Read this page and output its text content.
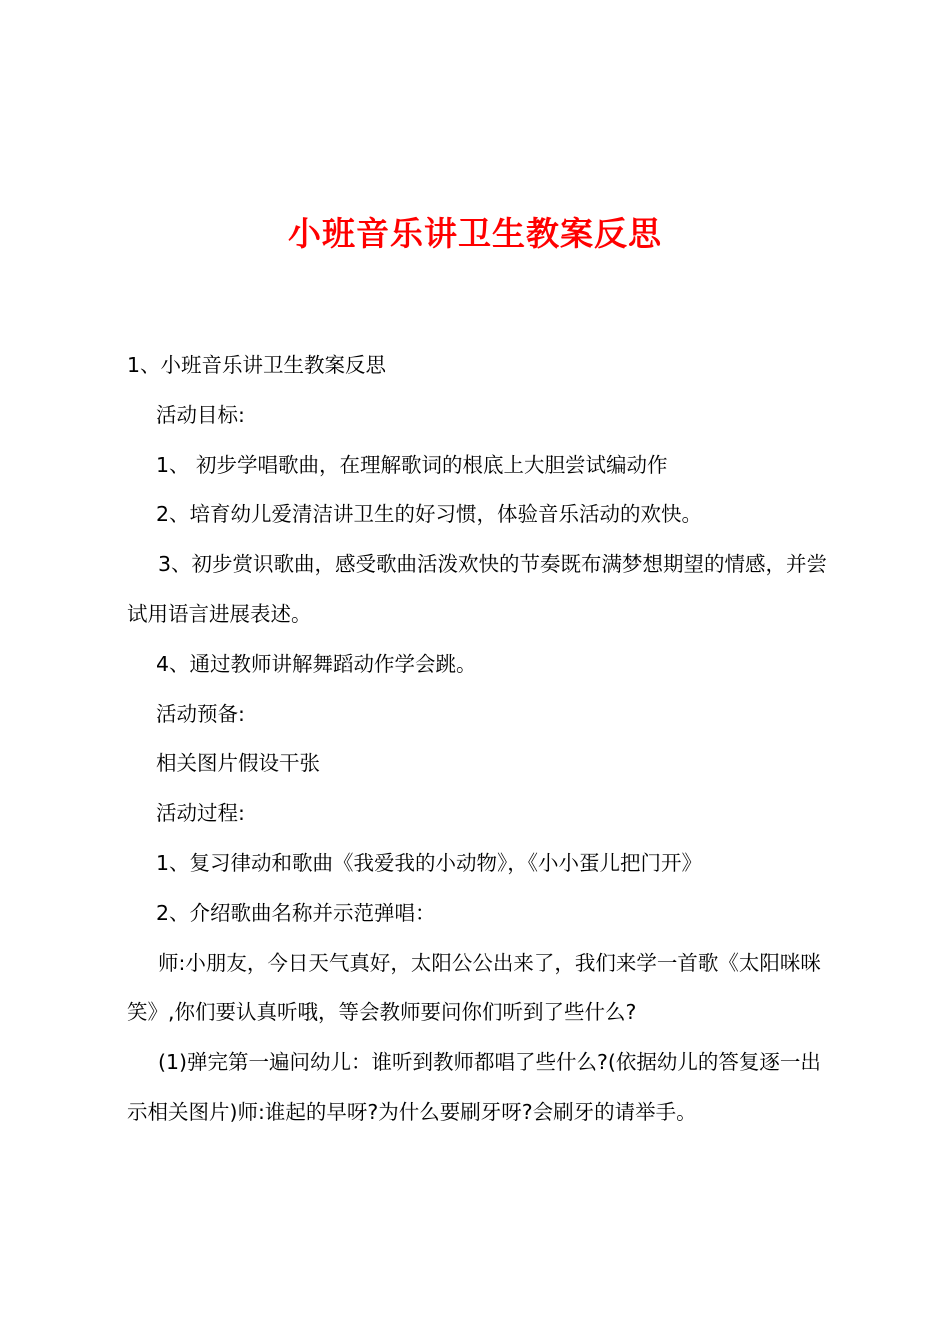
小班音乐讲卫生教案反思

1、小班音乐讲卫生教案反思

活动目标:

1、 初步学唱歌曲，在理解歌词的根底上大胆尝试编动作

2、培育幼儿爱清洁讲卫生的好习惯，体验音乐活动的欢快。

3、初步赏识歌曲，感受歌曲活泼欢快的节奏既布满梦想期望的情感，并尝试用语言进展表述。

4、通过教师讲解舞蹈动作学会跳。

活动预备:

相关图片假设干张

活动过程:

1、复习律动和歌曲《我爱我的小动物》，《小小蛋儿把门开》

2、介绍歌曲名称并示范弹唱：

师:小朋友，今日天气真好，太阳公公出来了，我们来学一首歌《太阳咪咪笑》,你们要认真听哦，等会教师要问你们听到了些什么?

(1)弹完第一遍问幼儿：谁听到教师都唱了些什么?(依据幼儿的答复逐一出示相关图片)师:谁起的早呀?为什么要刷牙呀?会刷牙的请举手。
